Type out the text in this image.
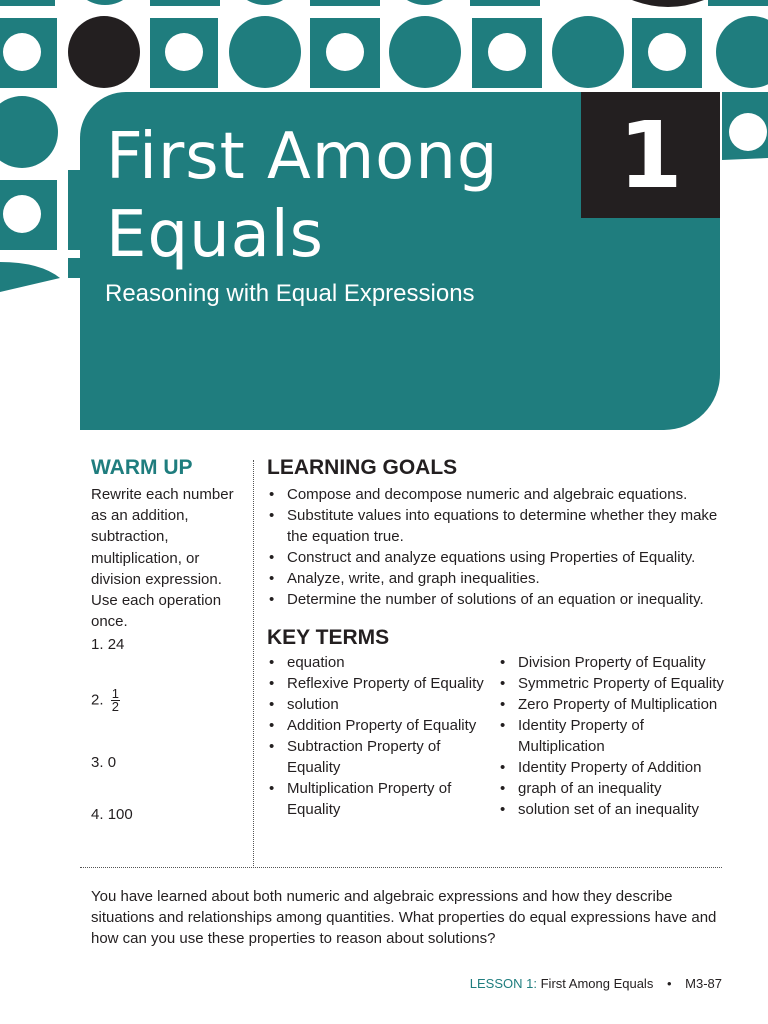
1
First Among Equals
Reasoning with Equal Expressions
WARM UP

Rewrite each number as an addition, subtraction, multiplication, or division expression. Use each operation once.

1. 24
2. $\frac{1}{2}$
3. 0
4. 100
LEARNING GOALS
• Compose and decompose numeric and algebraic equations.
• Substitute values into equations to determine whether they make the equation true.
• Construct and analyze equations using Properties of Equality.
• Analyze, write, and graph inequalities.
• Determine the number of solutions of an equation or inequality.
KEY TERMS
• equation
• Reflexive Property of Equality
• solution
• Addition Property of Equality
• Subtraction Property of Equality
• Multiplication Property of Equality
• Division Property of Equality
• Symmetric Property of Equality
• Zero Property of Multiplication
• Identity Property of Multiplication
• Identity Property of Addition
• graph of an inequality
• solution set of an inequality

You have learned about both numeric and algebraic expressions and how they describe situations and relationships among quantities. What properties do equal expressions have and how can you use these properties to reason about solutions?

LESSON 1: First Among Equals • M3-87
